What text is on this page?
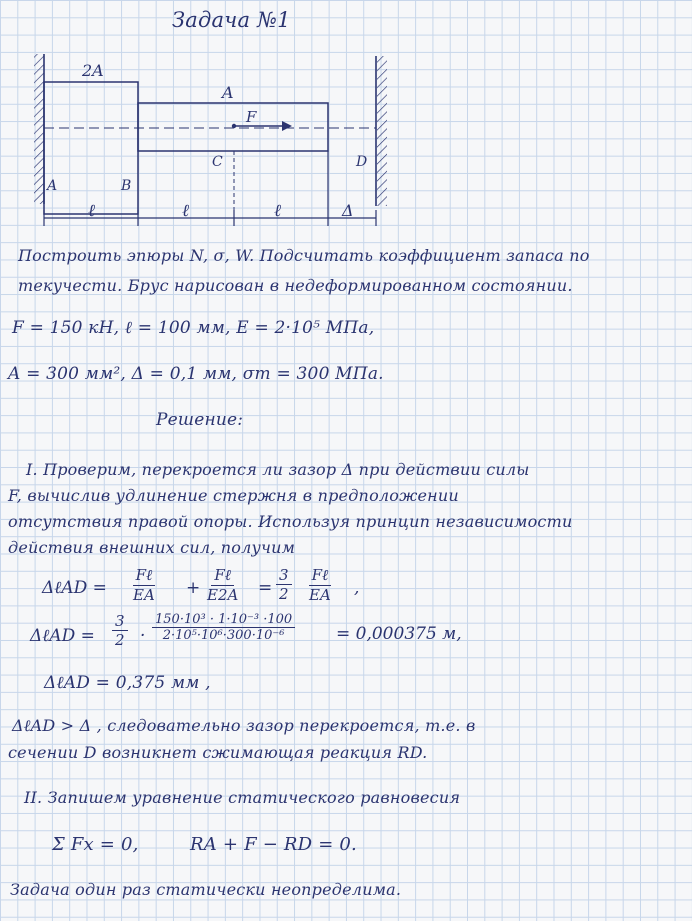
Задача №1
2A
A
F
A	B
C	D
ℓ	ℓ	ℓ	Δ
Построить эпюры N, σ, W. Подсчитать коэффициент запаса по
текучести. Брус нарисован в недеформированном состоянии.
F = 150 кН, ℓ = 100 мм, E = 2·10⁵ МПа,
A = 300 мм², Δ = 0,1 мм, σт = 300 МПа.
Решение:
I. Проверим, перекроется ли зазор Δ при действии силы
F, вычислив удлинение стержня в предположении
отсутствия правой опоры. Используя принцип независимости
действия внешних сил, получим
ΔℓAD =
Fℓ
EA +
Fℓ
$E2A = \frac{3}{2}$ Fℓ
EA ,
ΔℓAD = $\frac{3}{2} \cdot \frac{\text{150·10³ · 1·10⁻³ ·100}}{\text{2·10⁵·10⁶·300·10⁻⁶}} = 0,000375$ м,
ΔℓAD = 0,375 мм ,
ΔℓAD > Δ , следовательно зазор перекроется, т.е. в
сечении D возникнет сжимающая реакция RD.
II. Запишем уравнение статического равновесия
Σ Fx = 0,	RA + F − RD = 0.
Задача один раз статически неопределима.
